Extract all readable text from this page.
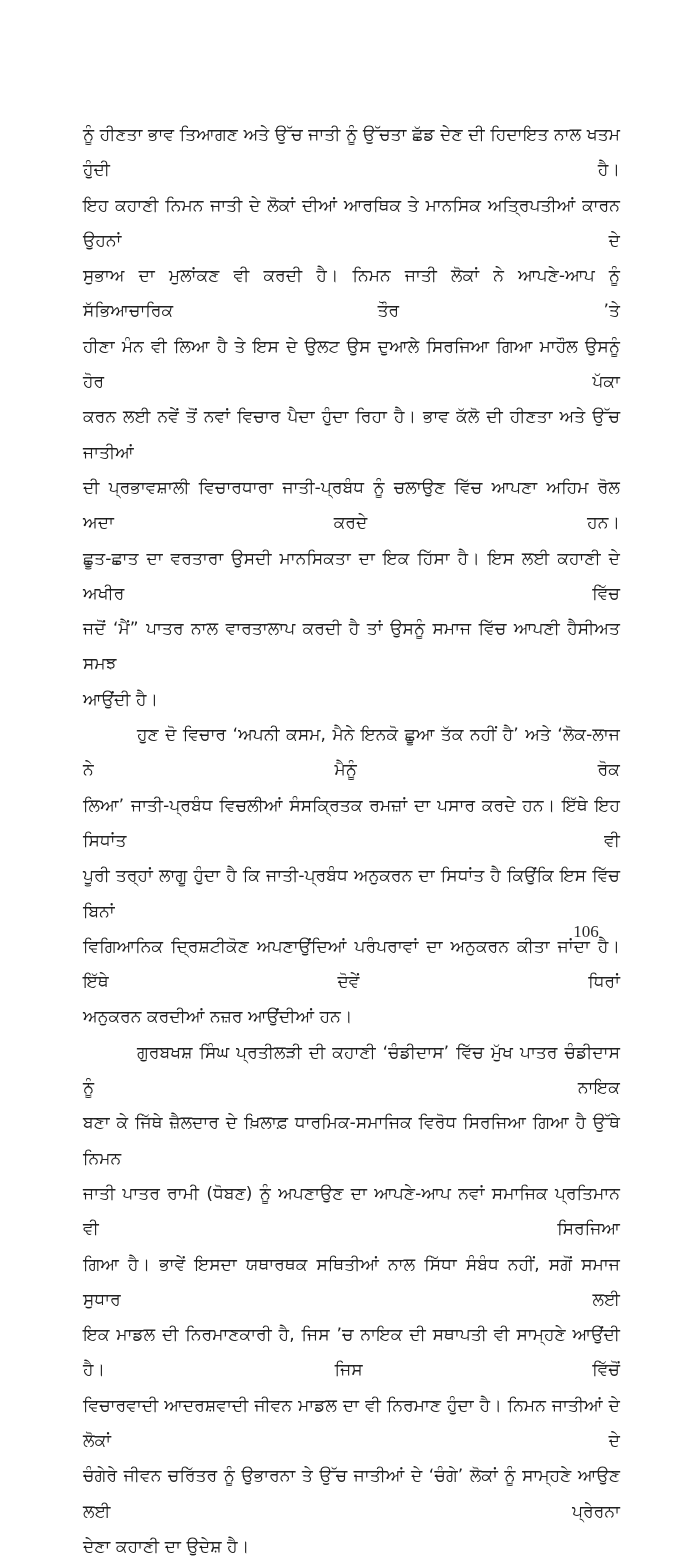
ਨੂੰ ਹੀਣਤਾ ਭਾਵ ਤਿਆਗਣ ਅਤੇ ਉੱਚ ਜਾਤੀ ਨੂੰ ਉੱਚਤਾ ਛੱਡ ਦੇਣ ਦੀ ਹਿਦਾਇਤ ਨਾਲ ਖਤਮ ਹੁੰਦੀ ਹੈ।
ਇਹ ਕਹਾਣੀ ਨਿਮਨ ਜਾਤੀ ਦੇ ਲੋਕਾਂ ਦੀਆਂ ਆਰਥਿਕ ਤੇ ਮਾਨਸਿਕ ਅਤ੍ਰਿਪਤੀਆਂ ਕਾਰਨ ਉਹਨਾਂ ਦੇ
ਸੁਭਾਅ ਦਾ ਮੁਲਾਂਕਣ ਵੀ ਕਰਦੀ ਹੈ। ਨਿਮਨ ਜਾਤੀ ਲੋਕਾਂ ਨੇ ਆਪਣੇ-ਆਪ ਨੂੰ ਸੱਭਿਆਚਾਰਿਕ ਤੌਰ ’ਤੇ
ਹੀਣਾ ਮੰਨ ਵੀ ਲਿਆ ਹੈ ਤੇ ਇਸ ਦੇ ਉਲਟ ਉਸ ਦੁਆਲੇ ਸਿਰਜਿਆ ਗਿਆ ਮਾਹੌਲ ਉਸਨੂੰ ਹੋਰ ਪੱਕਾ
ਕਰਨ ਲਈ ਨਵੇਂ ਤੋਂ ਨਵਾਂ ਵਿਚਾਰ ਪੈਦਾ ਹੁੰਦਾ ਰਿਹਾ ਹੈ। ਭਾਵ ਕੱਲੋ ਦੀ ਹੀਣਤਾ ਅਤੇ ਉੱਚ ਜਾਤੀਆਂ
ਦੀ ਪ੍ਰਭਾਵਸ਼ਾਲੀ ਵਿਚਾਰਧਾਰਾ ਜਾਤੀ-ਪ੍ਰਬੰਧ ਨੂੰ ਚਲਾਉਣ ਵਿੱਚ ਆਪਣਾ ਅਹਿਮ ਰੋਲ ਅਦਾ ਕਰਦੇ ਹਨ।
ਛੂਤ-ਛਾਤ ਦਾ ਵਰਤਾਰਾ ਉਸਦੀ ਮਾਨਸਿਕਤਾ ਦਾ ਇਕ ਹਿੱਸਾ ਹੈ। ਇਸ ਲਈ ਕਹਾਣੀ ਦੇ ਅਖੀਰ ਵਿੱਚ
ਜਦੋਂ ‘ਮੈਂ” ਪਾਤਰ ਨਾਲ ਵਾਰਤਾਲਾਪ ਕਰਦੀ ਹੈ ਤਾਂ ਉਸਨੂੰ ਸਮਾਜ ਵਿੱਚ ਆਪਣੀ ਹੈਸੀਅਤ ਸਮਝ
ਆਉਂਦੀ ਹੈ।
ਹੁਣ ਦੋ ਵਿਚਾਰ ‘ਅਪਨੀ ਕਸਮ, ਮੈਨੇ ਇਨਕੋ ਛੂਆ ਤੱਕ ਨਹੀਂ ਹੈ’ ਅਤੇ ‘ਲੋਕ-ਲਾਜ ਨੇ ਮੈਨੂੰ ਰੋਕ
ਲਿਆ’ ਜਾਤੀ-ਪ੍ਰਬੰਧ ਵਿਚਲੀਆਂ ਸੰਸਕ੍ਰਿਤਕ ਰਮਜ਼ਾਂ ਦਾ ਪਸਾਰ ਕਰਦੇ ਹਨ। ਇੱਥੇ ਇਹ ਸਿਧਾਂਤ ਵੀ
ਪੂਰੀ ਤਰ੍ਹਾਂ ਲਾਗੂ ਹੁੰਦਾ ਹੈ ਕਿ ਜਾਤੀ-ਪ੍ਰਬੰਧ ਅਨੁਕਰਨ ਦਾ ਸਿਧਾਂਤ ਹੈ ਕਿਉਂਕਿ ਇਸ ਵਿੱਚ ਬਿਨਾਂ
ਵਿਗਿਆਨਿਕ ਦ੍ਰਿਸ਼ਟੀਕੋਣ ਅਪਣਾਉਂਦਿਆਂ ਪਰੰਪਰਾਵਾਂ ਦਾ ਅਨੁਕਰਨ ਕੀਤਾ ਜਾਂਦਾ ਹੈ। ਇੱਥੇ ਦੋਵੇਂ ਧਿਰਾਂ
ਅਨੁਕਰਨ ਕਰਦੀਆਂ ਨਜ਼ਰ ਆਉਂਦੀਆਂ ਹਨ।
ਗੁਰਬਖਸ਼ ਸਿੰਘ ਪ੍ਰਤੀਲੜੀ ਦੀ ਕਹਾਣੀ ‘ਚੰਡੀਦਾਸ’ ਵਿੱਚ ਮੁੱਖ ਪਾਤਰ ਚੰਡੀਦਾਸ ਨੂੰ ਨਾਇਕ
ਬਣਾ ਕੇ ਜਿੱਥੇ ਜ਼ੈਲਦਾਰ ਦੇ ਖ਼ਿਲਾਫ਼ ਧਾਰਮਿਕ-ਸਮਾਜਿਕ ਵਿਰੋਧ ਸਿਰਜਿਆ ਗਿਆ ਹੈ ਉੱਥੇ ਨਿਮਨ
ਜਾਤੀ ਪਾਤਰ ਰਾਮੀ (ਧੋਬਣ) ਨੂੰ ਅਪਣਾਉਣ ਦਾ ਆਪਣੇ-ਆਪ ਨਵਾਂ ਸਮਾਜਿਕ ਪ੍ਰਤਿਮਾਨ ਵੀ ਸਿਰਜਿਆ
ਗਿਆ ਹੈ। ਭਾਵੇਂ ਇਸਦਾ ਯਥਾਰਥਕ ਸਥਿਤੀਆਂ ਨਾਲ ਸਿੱਧਾ ਸੰਬੰਧ ਨਹੀਂ, ਸਗੋਂ ਸਮਾਜ ਸੁਧਾਰ ਲਈ
ਇਕ ਮਾਡਲ ਦੀ ਨਿਰਮਾਣਕਾਰੀ ਹੈ, ਜਿਸ ’ਚ ਨਾਇਕ ਦੀ ਸਥਾਪਤੀ ਵੀ ਸਾਮ੍ਹਣੇ ਆਉਂਦੀ ਹੈ। ਜਿਸ ਵਿੱਚੋਂ
ਵਿਚਾਰਵਾਦੀ ਆਦਰਸ਼ਵਾਦੀ ਜੀਵਨ ਮਾਡਲ ਦਾ ਵੀ ਨਿਰਮਾਣ ਹੁੰਦਾ ਹੈ। ਨਿਮਨ ਜਾਤੀਆਂ ਦੇ ਲੋਕਾਂ ਦੇ
ਚੰਗੇਰੇ ਜੀਵਨ ਚਰਿੱਤਰ ਨੂੰ ਉਭਾਰਨਾ ਤੇ ਉੱਚ ਜਾਤੀਆਂ ਦੇ ‘ਚੰਗੇ’ ਲੋਕਾਂ ਨੂੰ ਸਾਮ੍ਹਣੇ ਆਉਣ ਲਈ ਪ੍ਰੇਰਨਾ
ਦੇਣਾ ਕਹਾਣੀ ਦਾ ਉਦੇਸ਼ ਹੈ।
106
